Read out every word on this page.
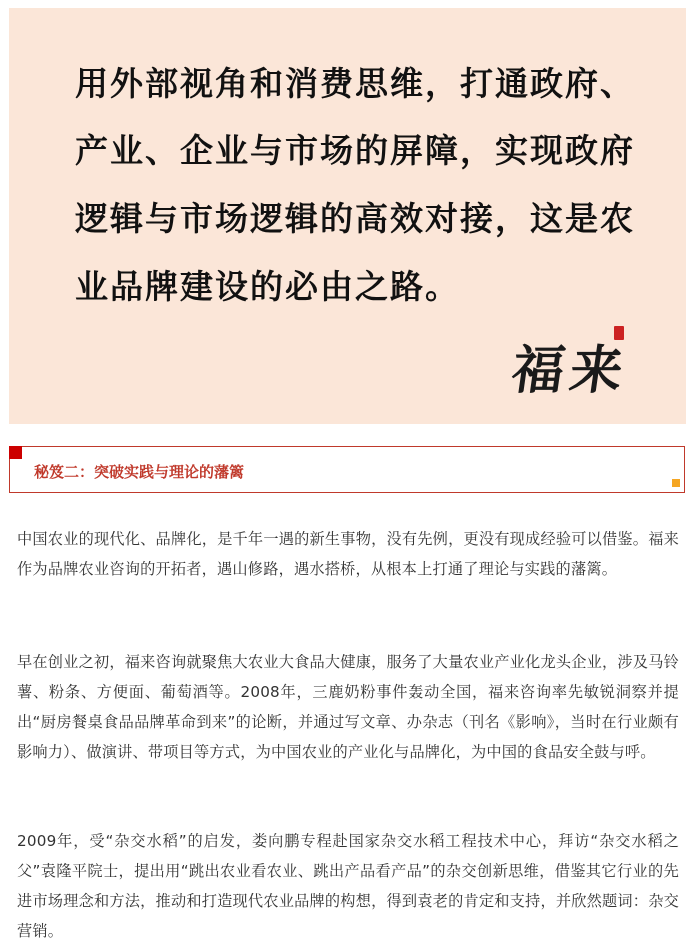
用外部视角和消费思维，打通政府、

产业、企业与市场的屏障，实现政府

逻辑与市场逻辑的高效对接，这是农

业品牌建设的必由之路。

福来
秘笈二：突破实践与理论的藩篱

中国农业的现代化、品牌化，是千年一遇的新生事物，没有先例，更没有现成经验可以借鉴。福来作为品牌农业咨询的开拓者，遇山修路，遇水搭桥，从根本上打通了理论与实践的藩篱。

早在创业之初，福来咨询就聚焦大农业大食品大健康，服务了大量农业产业化龙头企业，涉及马铃薯、粉条、方便面、葡萄酒等。2008年，三鹿奶粉事件轰动全国，福来咨询率先敏锐洞察并提出“厨房餐桌食品品牌革命到来”的论断，并通过写文章、办杂志（刊名《影响》，当时在行业颇有影响力）、做演讲、带项目等方式，为中国农业的产业化与品牌化，为中国的食品安全鼓与呼。

2009年，受“杂交水稻”的启发，娄向鹏专程赴国家杂交水稻工程技术中心，拜访“杂交水稻之父”袁隆平院士，提出用“跳出农业看农业、跳出产品看产品”的杂交创新思维，借鉴其它行业的先进市场理念和方法，推动和打造现代农业品牌的构想，得到袁老的肯定和支持，并欣然题词：杂交营销。
